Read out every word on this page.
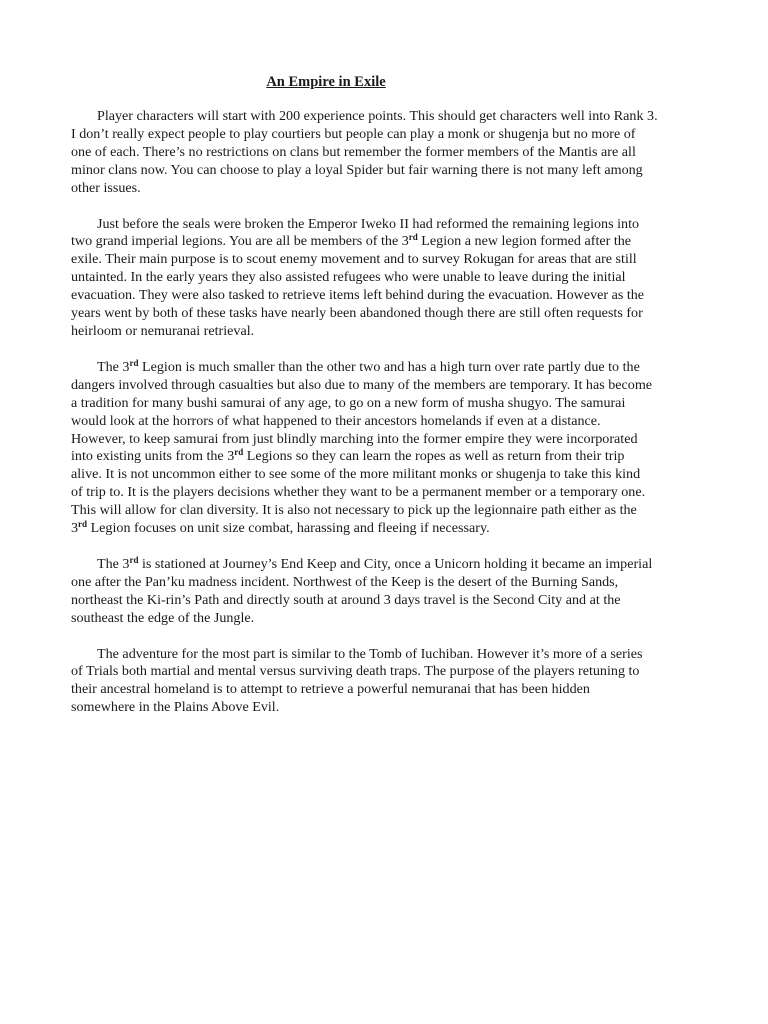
An Empire in Exile

Player characters will start with 200 experience points. This should get characters well into Rank 3.
I don’t really expect people to play courtiers but people can play a monk or shugenja but no more of
one of each. There’s no restrictions on clans but remember the former members of the Mantis are all
minor clans now. You can choose to play a loyal Spider but fair warning there is not many left among
other issues.

Just before the seals were broken the Emperor Iweko II had reformed the remaining legions into
two grand imperial legions. You are all be members of the 3rd Legion a new legion formed after the
exile. Their main purpose is to scout enemy movement and to survey Rokugan for areas that are still
untainted. In the early years they also assisted refugees who were unable to leave during the initial
evacuation. They were also tasked to retrieve items left behind during the evacuation. However as the
years went by both of these tasks have nearly been abandoned though there are still often requests for
heirloom or nemuranai retrieval.

The 3rd Legion is much smaller than the other two and has a high turn over rate partly due to the
dangers involved through casualties but also due to many of the members are temporary. It has become
a tradition for many bushi samurai of any age, to go on a new form of musha shugyo. The samurai
would look at the horrors of what happened to their ancestors homelands if even at a distance.
However, to keep samurai from just blindly marching into the former empire they were incorporated
into existing units from the 3rd Legions so they can learn the ropes as well as return from their trip
alive. It is not uncommon either to see some of the more militant monks or shugenja to take this kind
of trip to. It is the players decisions whether they want to be a permanent member or a temporary one.
This will allow for clan diversity. It is also not necessary to pick up the legionnaire path either as the
3rd Legion focuses on unit size combat, harassing and fleeing if necessary.

The 3rd is stationed at Journey’s End Keep and City, once a Unicorn holding it became an imperial
one after the Pan’ku madness incident. Northwest of the Keep is the desert of the Burning Sands,
northeast the Ki-rin’s Path and directly south at around 3 days travel is the Second City and at the
southeast the edge of the Jungle.

The adventure for the most part is similar to the Tomb of Iuchiban. However it’s more of a series
of Trials both martial and mental versus surviving death traps. The purpose of the players retuning to
their ancestral homeland is to attempt to retrieve a powerful nemuranai that has been hidden
somewhere in the Plains Above Evil.
